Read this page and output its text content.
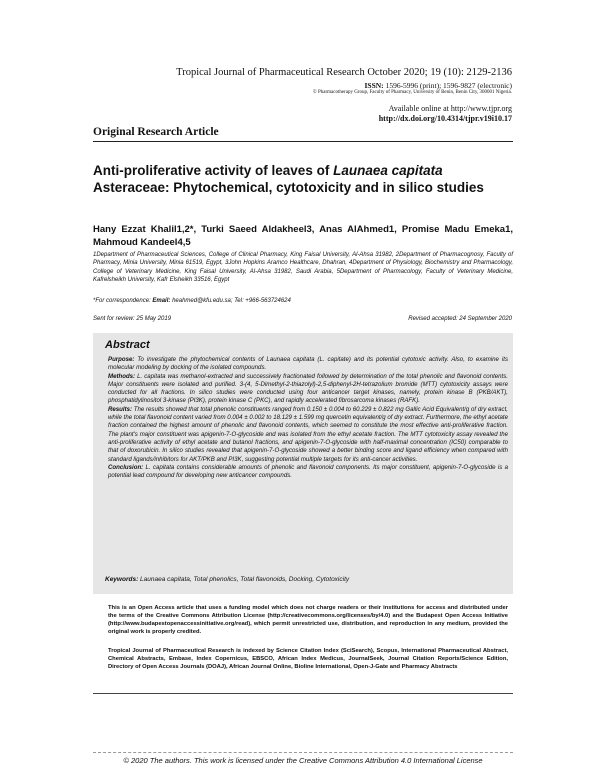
Tropical Journal of Pharmaceutical Research October 2020; 19 (10): 2129-2136
ISSN: 1596-5996 (print); 1596-9827 (electronic)
© Pharmacotherapy Group, Faculty of Pharmacy, University of Benin, Benin City, 300001 Nigeria.
Available online at http://www.tjpr.org
http://dx.doi.org/10.4314/tjpr.v19i10.17
Original Research Article
Anti-proliferative activity of leaves of Launaea capitata Asteraceae: Phytochemical, cytotoxicity and in silico studies
Hany Ezzat Khalil1,2*, Turki Saeed Aldakheel3, Anas AlAhmed1, Promise Madu Emeka1, Mahmoud Kandeel4,5
1Department of Pharmaceutical Sciences, College of Clinical Pharmacy, King Faisal University, Al-Ahsa 31982, 2Department of Pharmacognosy, Faculty of Pharmacy, Minia University, Minia 61519, Egypt, 3John Hopkins Aramco Healthcare, Dhahran, 4Department of Physiology, Biochemistry and Pharmacology, College of Veterinary Medicine, King Faisal University, Al-Ahsa 31982, Saudi Arabia, 5Department of Pharmacology, Faculty of Veterinary Medicine, Kafrelsheikh University, Kafr Elsheikh 33516, Egypt
*For correspondence: Email: heahmed@kfu.edu.sa; Tel: +966-563724624
Sent for review: 25 May 2019	Revised accepted: 24 September 2020
Abstract

Purpose: To investigate the phytochemical contents of Launaea capitata (L. capitate) and its potential cytotoxic activity. Also, to examine its molecular modeling by docking of the isolated compounds.

Methods: L. capitata was methanol-extracted and successively fractionated followed by determination of the total phenolic and flavonoid contents. Major constituents were isolated and purified. 3-(4, 5-Dimethyl-2-thiazolyl)-2,5-diphenyl-2H-tetrazolium bromide (MTT) cytotoxicity assays were conducted for all fractions. In silico studies were conducted using four anticancer target kinases, namely, protein kinase B (PKB/AKT), phosphatidylinositol 3-kinase (PI3K), protein kinase C (PKC), and rapidly accelerated fibrosarcoma kinases (RAFK).

Results: The results showed that total phenolic constituents ranged from 0.150 ± 0.004 to 60.229 ± 0.822 mg Gallic Acid Equivalent/g of dry extract, while the total flavonoid content varied from 0.004 ± 0.002 to 18.129 ± 1.599 mg quercetin equivalent/g of dry extract. Furthermore, the ethyl acetate fraction contained the highest amount of phenolic and flavonoid contents, which seemed to constitute the most effective anti-proliferative fraction. The plant's major constituent was apigenin-7-O-glycoside and was isolated from the ethyl acetate fraction. The MTT cytotoxicity assay revealed the anti-proliferative activity of ethyl acetate and butanol fractions, and apigenin-7-O-glycoside with half-maximal concentration (IC50) comparable to that of doxorubicin. In silico studies revealed that apigenin-7-O-glycoside showed a better binding score and ligand efficiency when compared with standard ligands/inhibitors for AKT/PKB and PI3K, suggesting potential multiple targets for its anti-cancer activities.

Conclusion: L. capitata contains considerable amounts of phenolic and flavonoid components. Its major constituent, apigenin-7-O-glycoside is a potential lead compound for developing new anticancer compounds.

Keywords: Launaea capitata, Total phenolics, Total flavonoids, Docking, Cytotoxicity
This is an Open Access article that uses a funding model which does not charge readers or their institutions for access and distributed under the terms of the Creative Commons Attribution License (http://creativecommons.org/licenses/by/4.0) and the Budapest Open Access Initiative (http://www.budapestopenaccessinitiative.org/read), which permit unrestricted use, distribution, and reproduction in any medium, provided the original work is properly credited.
Tropical Journal of Pharmaceutical Research is indexed by Science Citation Index (SciSearch), Scopus, International Pharmaceutical Abstract, Chemical Abstracts, Embase, Index Copernicus, EBSCO, African Index Medicus, JournalSeek, Journal Citation Reports/Science Edition, Directory of Open Access Journals (DOAJ), African Journal Online, Bioline International, Open-J-Gate and Pharmacy Abstracts
© 2020 The authors. This work is licensed under the Creative Commons Attribution 4.0 International License
